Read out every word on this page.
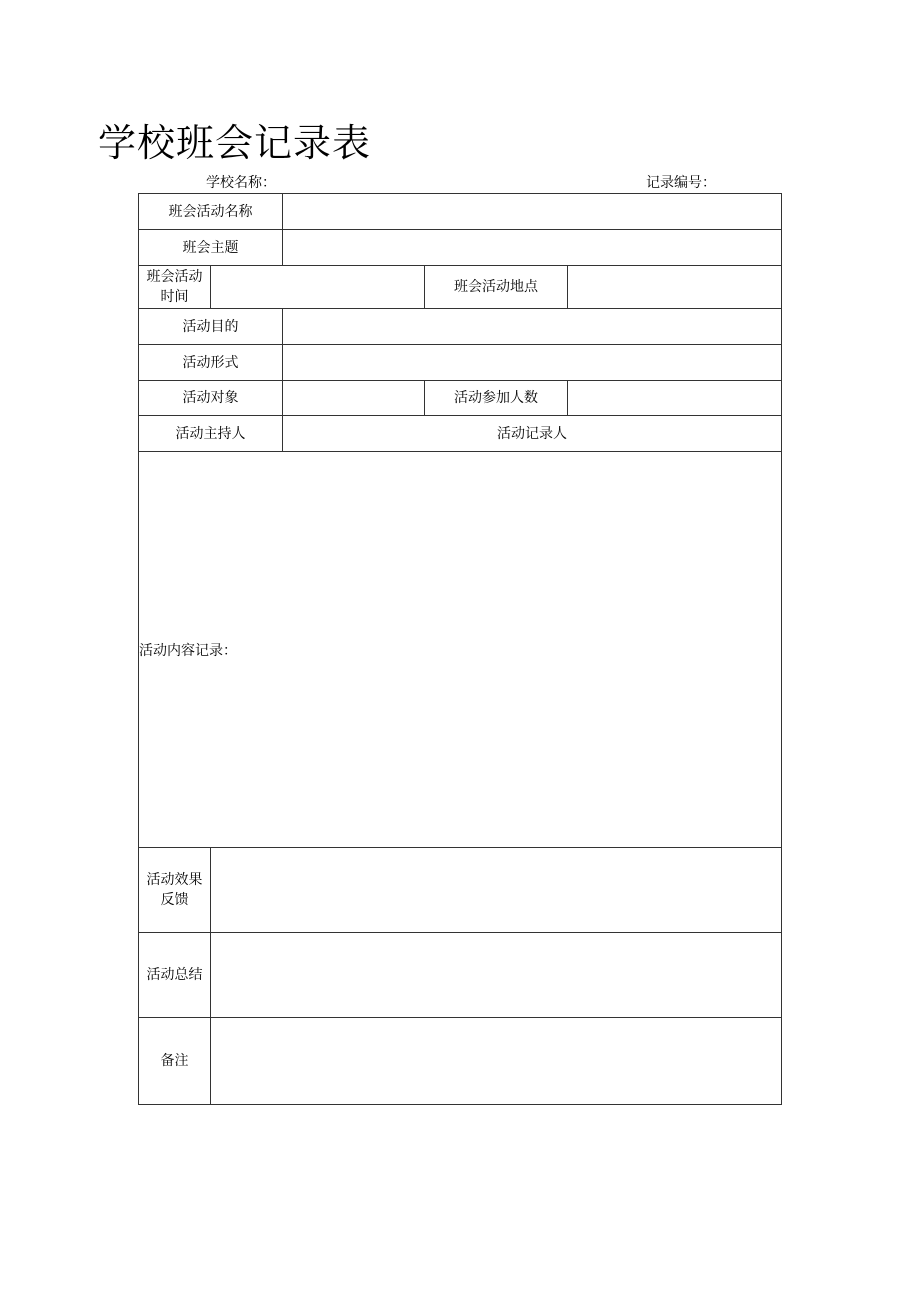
学校班会记录表
学校名称：	记录编号：
班会活动名称				
班会主题				

班会活动
时间			班会活动地点	
活动目的				
活动形式				
活动对象			活动参加人数	
活动主持人		活动记录人		
活动内容记录：				

活动效果
反馈				

活动总结				
备注				
